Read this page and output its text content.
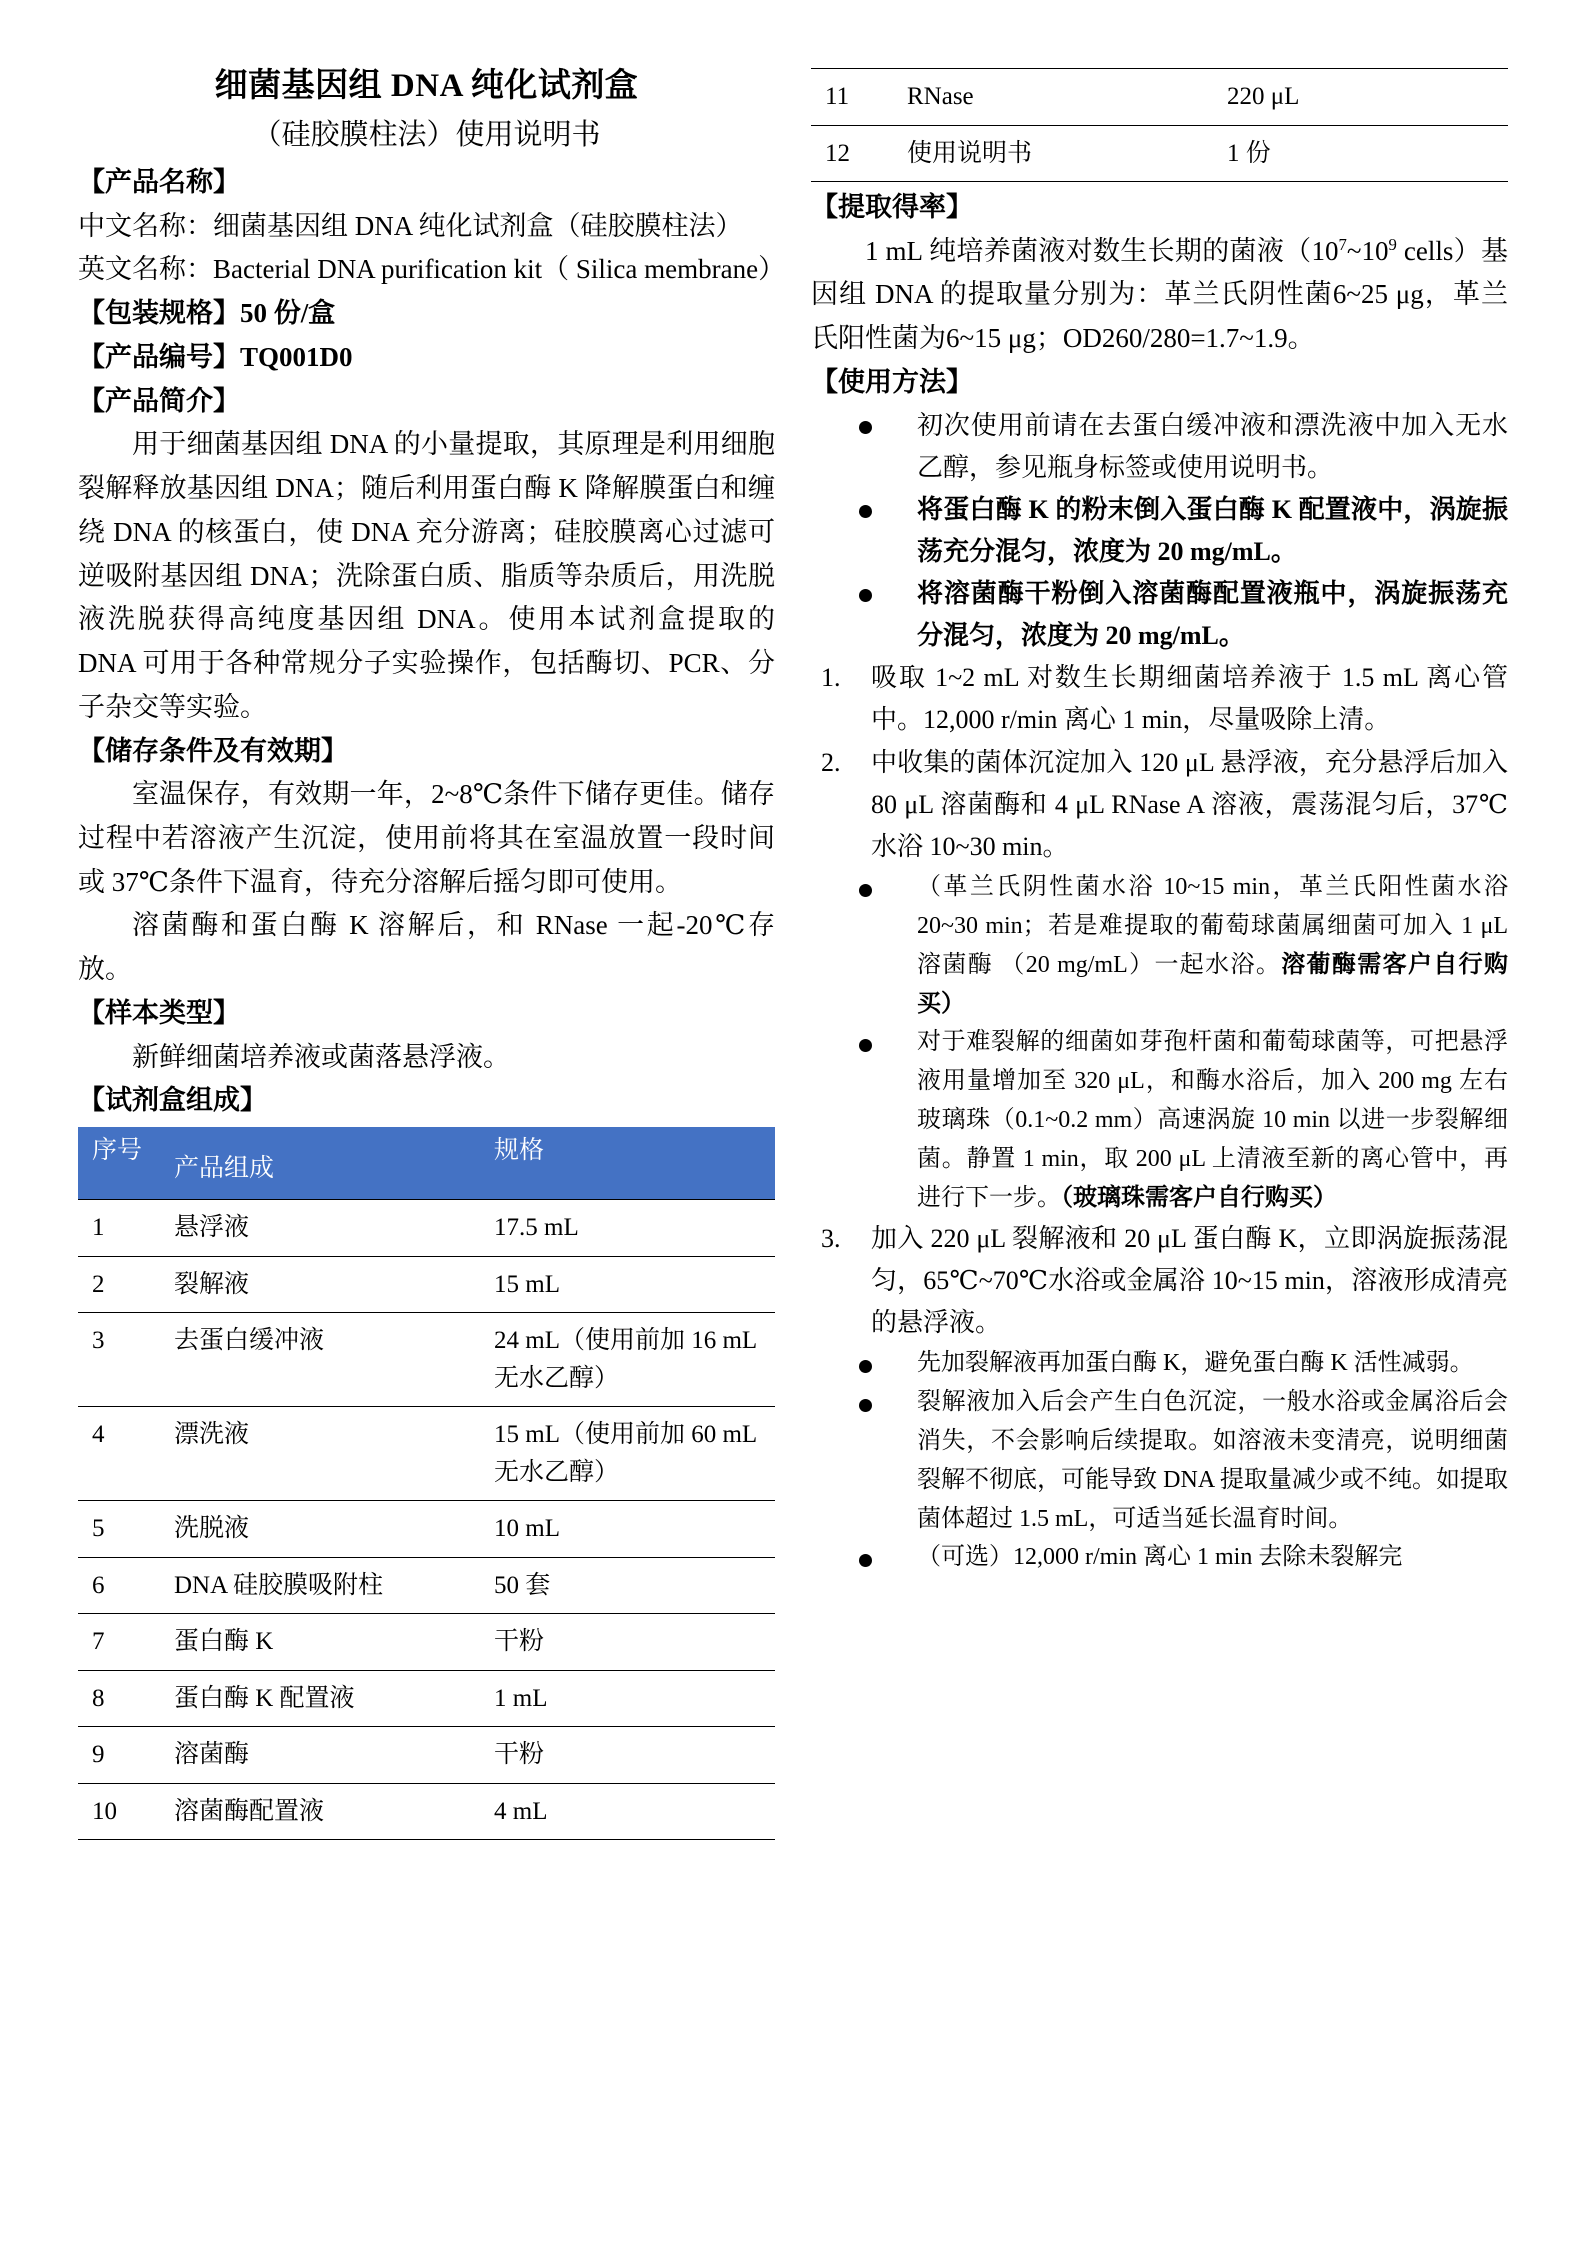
细菌基因组 DNA 纯化试剂盒
（硅胶膜柱法）使用说明书
【产品名称】
中文名称：细菌基因组 DNA 纯化试剂盒（硅胶膜柱法）
英文名称：Bacterial DNA purification kit（ Silica membrane）
【包装规格】50 份/盒
【产品编号】TQ001D0
【产品简介】
用于细菌基因组 DNA 的小量提取，其原理是利用细胞裂解释放基因组 DNA；随后利用蛋白酶 K 降解膜蛋白和缠绕 DNA 的核蛋白，使 DNA 充分游离；硅胶膜离心过滤可逆吸附基因组 DNA；洗除蛋白质、脂质等杂质后，用洗脱液洗脱获得高纯度基因组 DNA。使用本试剂盒提取的 DNA 可用于各种常规分子实验操作，包括酶切、PCR、分子杂交等实验。
【储存条件及有效期】
室温保存，有效期一年，2~8℃条件下储存更佳。储存过程中若溶液产生沉淀，使用前将其在室温放置一段时间或 37℃条件下温育，待充分溶解后摇匀即可使用。
溶菌酶和蛋白酶 K 溶解后，和 RNase 一起-20℃存放。
【样本类型】
新鲜细菌培养液或菌落悬浮液。
【试剂盒组成】
序号	产品组成	规格
1	悬浮液	17.5 mL
2	裂解液	15 mL
3	去蛋白缓冲液	24 mL（使用前加 16 mL 无水乙醇）
4	漂洗液	15 mL（使用前加 60 mL 无水乙醇）
5	洗脱液	10 mL
6	DNA 硅胶膜吸附柱	50 套
7	蛋白酶 K	干粉
8	蛋白酶 K 配置液	1 mL
9	溶菌酶	干粉
10	溶菌酶配置液	4 mL
11	RNase	220 μL
12	使用说明书	1 份
【提取得率】
1 mL 纯培养菌液对数生长期的菌液（$10^7\sim 10^9$ cells）基因组 DNA 的提取量分别为：革兰氏阴性菌6~25 μg，革兰氏阳性菌为6~15 μg；OD260/280=1.7~1.9。
【使用方法】
初次使用前请在去蛋白缓冲液和漂洗液中加入无水乙醇，参见瓶身标签或使用说明书。
将蛋白酶 K 的粉末倒入蛋白酶 K 配置液中，涡旋振荡充分混匀，浓度为 20 mg/mL。
将溶菌酶干粉倒入溶菌酶配置液瓶中，涡旋振荡充分混匀，浓度为 20 mg/mL。
1.	吸取 1~2 mL 对数生长期细菌培养液于 1.5 mL 离心管中。12,000 r/min 离心 1 min，尽量吸除上清。
2.	中收集的菌体沉淀加入 120 μL 悬浮液，充分悬浮后加入 80 μL 溶菌酶和 4 μL RNase A 溶液，震荡混匀后，37℃水浴 10~30 min。
（革兰氏阴性菌水浴 10~15 min，革兰氏阳性菌水浴 20~30 min；若是难提取的葡萄球菌属细菌可加入 1 μL 溶菌酶 （20 mg/mL）一起水浴。溶葡酶需客户自行购买）
对于难裂解的细菌如芽孢杆菌和葡萄球菌等，可把悬浮液用量增加至 320 μL，和酶水浴后，加入 200 mg 左右玻璃珠（0.1~0.2 mm）高速涡旋 10 min 以进一步裂解细菌。静置 1 min，取 200 μL 上清液至新的离心管中，再进行下一步。（玻璃珠需客户自行购买）
3.	加入 220 μL 裂解液和 20 μL 蛋白酶 K，立即涡旋振荡混匀，65℃~70℃水浴或金属浴 10~15 min，溶液形成清亮的悬浮液。
先加裂解液再加蛋白酶 K，避免蛋白酶 K 活性减弱。
裂解液加入后会产生白色沉淀，一般水浴或金属浴后会消失，不会影响后续提取。如溶液未变清亮，说明细菌裂解不彻底，可能导致 DNA 提取量减少或不纯。如提取菌体超过 1.5 mL，可适当延长温育时间。
（可选）12,000 r/min 离心 1 min 去除未裂解完
